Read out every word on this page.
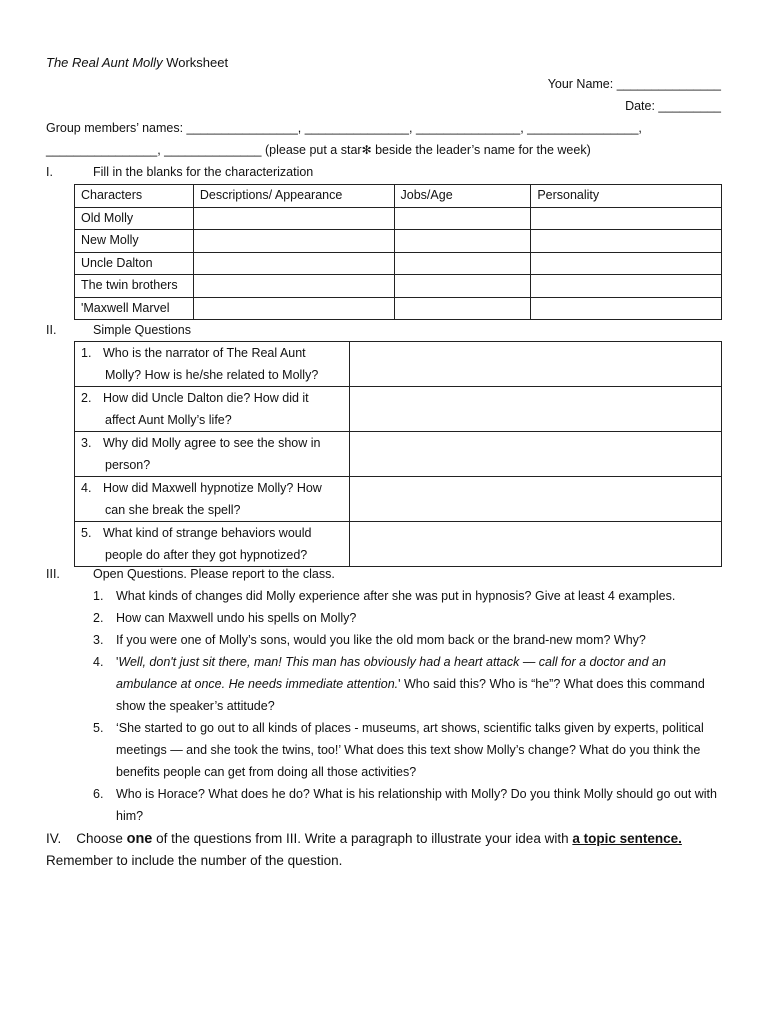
The Real Aunt Molly Worksheet
Your Name: _______________
Date: _________
Group members’ names: ________________, _______________, _______________, ________________,
________________, ______________ (please put a star✻ beside the leader’s name for the week)
I.	Fill in the blanks for the characterization
Characters	Descriptions/ Appearance	Jobs/Age	Personality
Old Molly			
New Molly			
Uncle Dalton			
The twin brothers			
'Maxwell Marvel			
II.	Simple Questions
1. Who is the narrator of The Real Aunt
Molly? How is he/she related to Molly?	

2. How did Uncle Dalton die? How did it
affect Aunt Molly’s life?	

3. Why did Molly agree to see the show in
person?	

4. How did Maxwell hypnotize Molly? How
can she break the spell?	

5. What kind of strange behaviors would
people do after they got hypnotized?	

III.	Open Questions. Please report to the class.
1. What kinds of changes did Molly experience after she was put in hypnosis? Give at least 4 examples.
2. How can Maxwell undo his spells on Molly?
3. If you were one of Molly’s sons, would you like the old mom back or the brand-new mom? Why?
4. 'Well, don't just sit there, man! This man has obviously had a heart attack — call for a doctor and an ambulance at once. He needs immediate attention.' Who said this? Who is “he”? What does this command show the speaker’s attitude?
5. ‘She started to go out to all kinds of places - museums, art shows, scientific talks given by experts, political meetings — and she took the twins, too!’ What does this text show Molly’s change? What do you think the benefits people can get from doing all those activities?
6. Who is Horace? What does he do? What is his relationship with Molly? Do you think Molly should go out with him?
IV. Choose one of the questions from III. Write a paragraph to illustrate your idea with a topic sentence.
Remember to include the number of the question.
